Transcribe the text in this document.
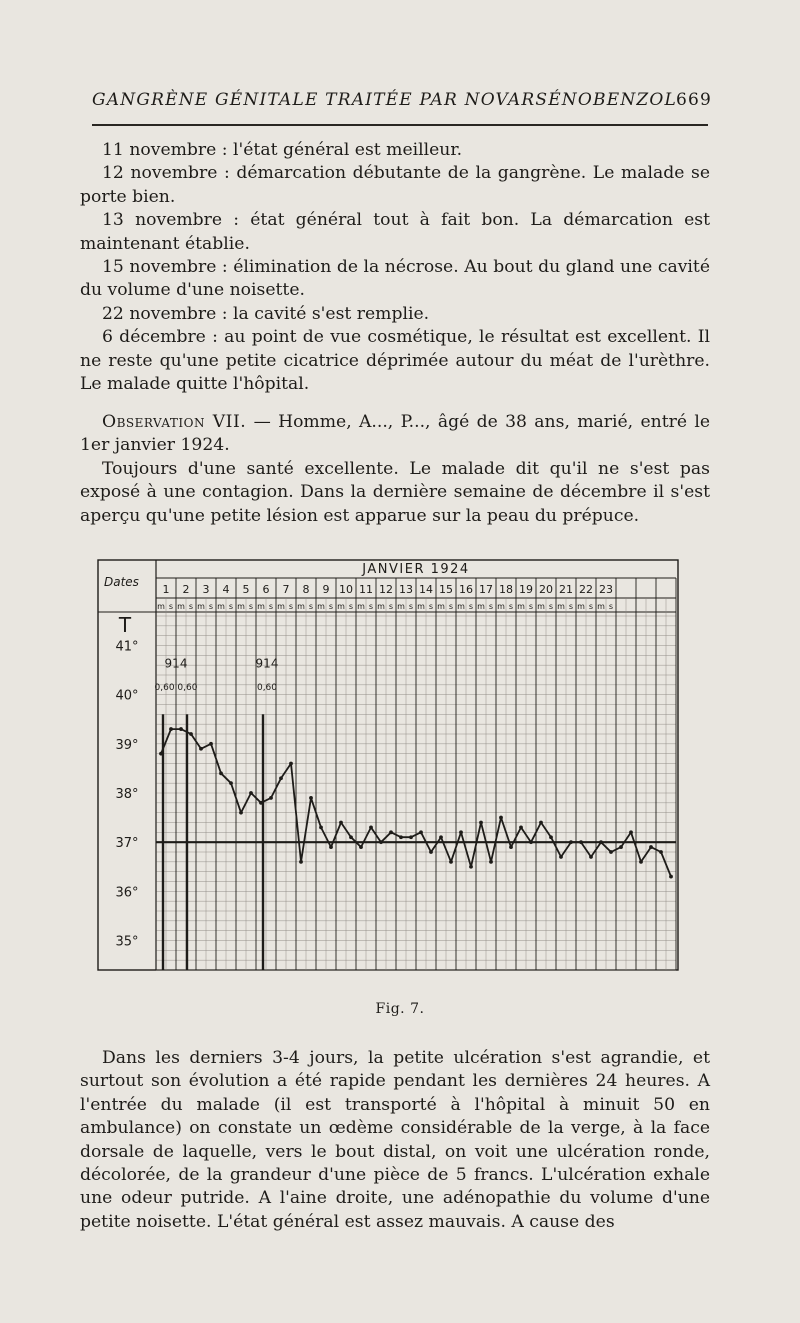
GANGRÈNE GÉNITALE TRAITÉE PAR NOVARSÉNOBENZOL
669

11 novembre : l'état général est meilleur.

12 novembre : démarcation débutante de la gangrène. Le malade se porte bien.

13 novembre : état général tout à fait bon. La démarcation est maintenant établie.

15 novembre : élimination de la nécrose. Au bout du gland une cavité du volume d'une noisette.

22 novembre : la cavité s'est remplie.

6 décembre : au point de vue cosmétique, le résultat est excellent. Il ne reste qu'une petite cicatrice déprimée autour du méat de l'urèthre. Le malade quitte l'hôpital.

Observation VII. — Homme, A..., P..., âgé de 38 ans, marié, entré le 1er janvier 1924.

Toujours d'une santé excellente. Le malade dit qu'il ne s'est pas exposé à une contagion. Dans la dernière semaine de décembre il s'est aperçu qu'une petite lésion est apparue sur la peau du prépuce.

JANVIER 1924
Dates
T
1
m s
2
m s
3
m s
4
m s
5
m s
6
m s
7
m s
8
m s
9
m s
10
m s
11
m s
12
m s
13
m s
14
m s
15
m s
16
m s
17
m s
18
m s
19
m s
20
m s
21
m s
22
m s
23
m s
41°
40°
39°
38°
37°
36°
35°
914
0,60 0,60
914
0,60
Fig. 7.

Dans les derniers 3-4 jours, la petite ulcération s'est agrandie, et surtout son évolution a été rapide pendant les dernières 24 heures. A l'entrée du malade (il est transporté à l'hôpital à minuit 50 en ambulance) on constate un œdème considérable de la verge, à la face dorsale de laquelle, vers le bout distal, on voit une ulcération ronde, décolorée, de la grandeur d'une pièce de 5 francs. L'ulcération exhale une odeur putride. A l'aine droite, une adénopathie du volume d'une petite noisette. L'état général est assez mauvais. A cause des
